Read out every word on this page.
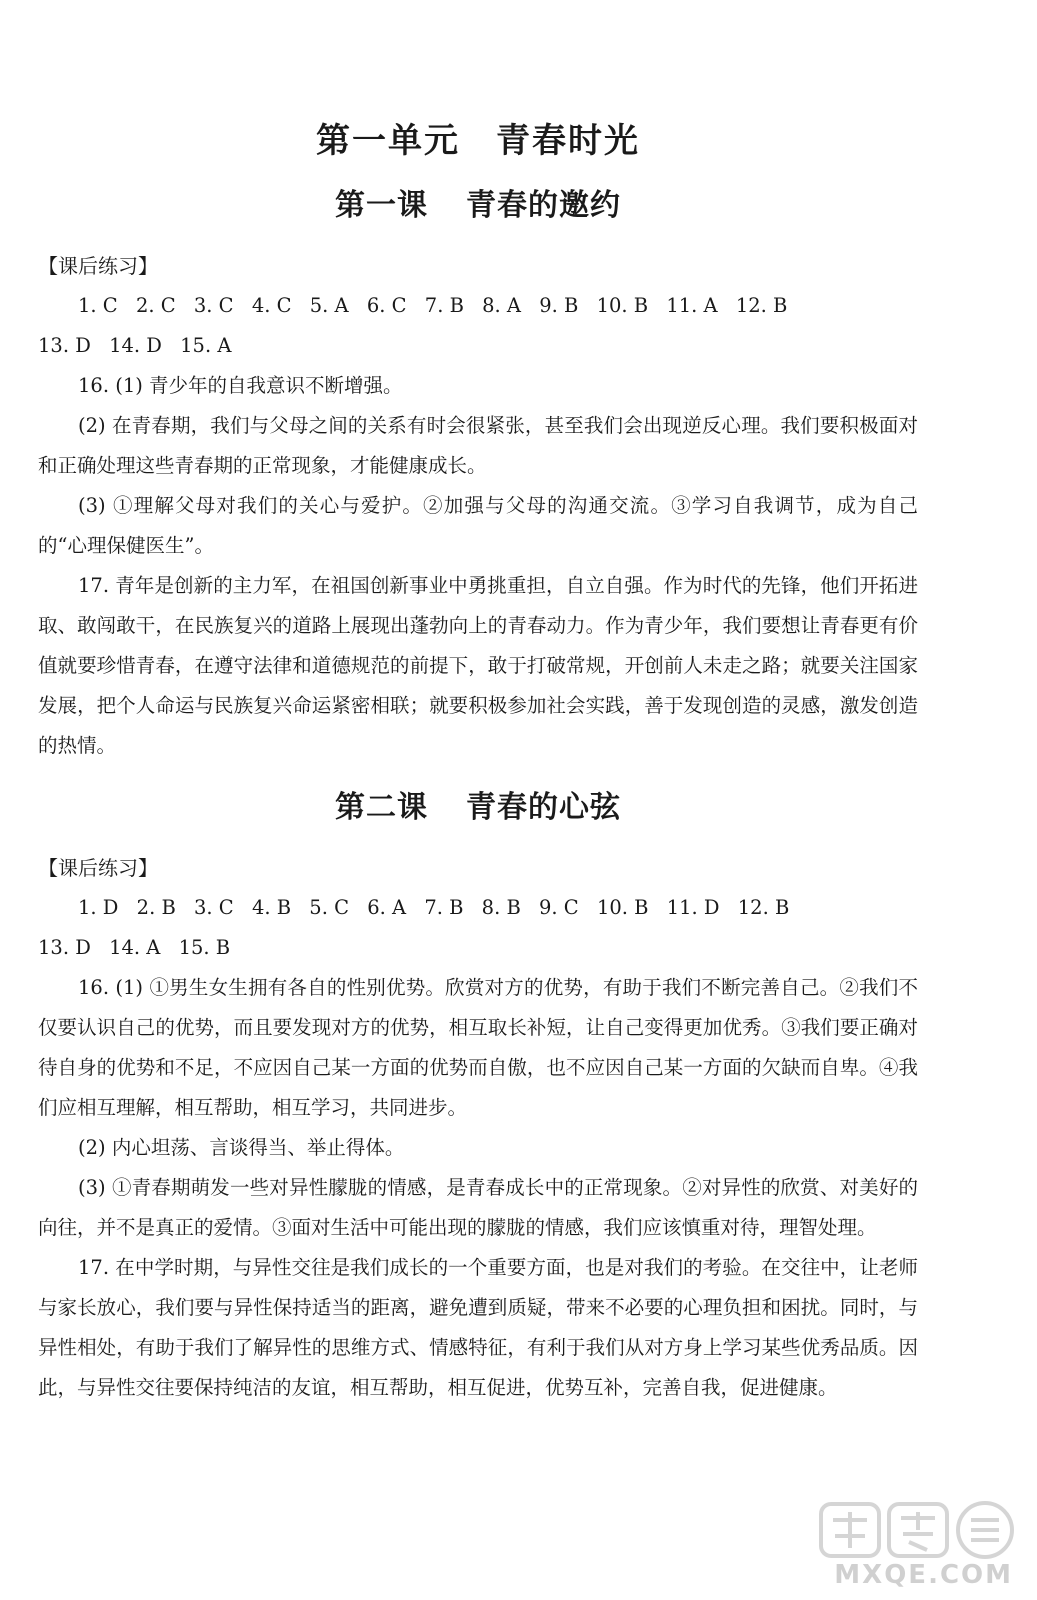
第一单元　青春时光
第一课 青春的邀约

【课后练习】

1. C 2. C 3. C 4. C 5. A 6. C 7. B 8. A 9. B 10. B 11. A 12. B

13. D 14. D 15. A

16. (1) 青少年的自我意识不断增强。

(2) 在青春期，我们与父母之间的关系有时会很紧张，甚至我们会出现逆反心理。我们要积极面对和正确处理这些青春期的正常现象，才能健康成长。

(3) ①理解父母对我们的关心与爱护。②加强与父母的沟通交流。③学习自我调节，成为自己的“心理保健医生”。

17. 青年是创新的主力军，在祖国创新事业中勇挑重担，自立自强。作为时代的先锋，他们开拓进取、敢闯敢干，在民族复兴的道路上展现出蓬勃向上的青春动力。作为青少年，我们要想让青春更有价值就要珍惜青春，在遵守法律和道德规范的前提下，敢于打破常规，开创前人未走之路；就要关注国家发展，把个人命运与民族复兴命运紧密相联；就要积极参加社会实践，善于发现创造的灵感，激发创造的热情。

第二课 青春的心弦

【课后练习】

1. D 2. B 3. C 4. B 5. C 6. A 7. B 8. B 9. C 10. B 11. D 12. B

13. D 14. A 15. B

16. (1) ①男生女生拥有各自的性别优势。欣赏对方的优势，有助于我们不断完善自己。②我们不仅要认识自己的优势，而且要发现对方的优势，相互取长补短，让自己变得更加优秀。③我们要正确对待自身的优势和不足，不应因自己某一方面的优势而自傲，也不应因自己某一方面的欠缺而自卑。④我们应相互理解，相互帮助，相互学习，共同进步。

(2) 内心坦荡、言谈得当、举止得体。

(3) ①青春期萌发一些对异性朦胧的情感，是青春成长中的正常现象。②对异性的欣赏、对美好的向往，并不是真正的爱情。③面对生活中可能出现的朦胧的情感，我们应该慎重对待，理智处理。

17. 在中学时期，与异性交往是我们成长的一个重要方面，也是对我们的考验。在交往中，让老师与家长放心，我们要与异性保持适当的距离，避免遭到质疑，带来不必要的心理负担和困扰。同时，与异性相处，有助于我们了解异性的思维方式、情感特征，有利于我们从对方身上学习某些优秀品质。因此，与异性交往要保持纯洁的友谊，相互帮助，相互促进，优势互补，完善自我，促进健康。

MXQE.COM
